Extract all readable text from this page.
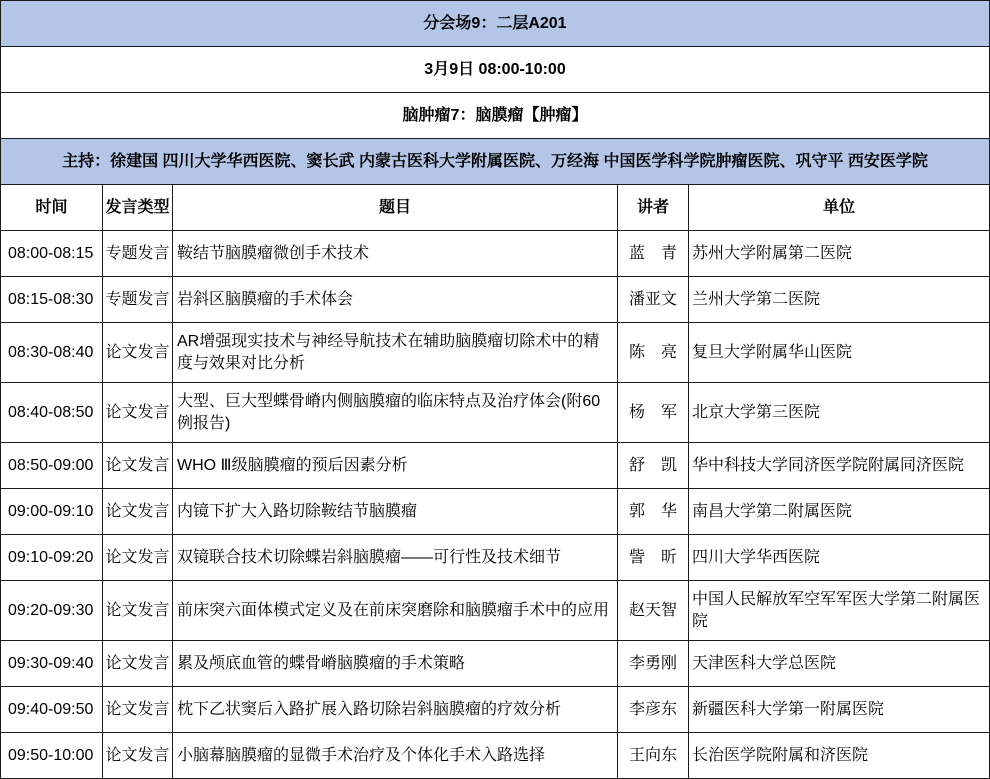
分会场9：二层A201				
3月9日 08:00-10:00				
脑肿瘤7：脑膜瘤【肿瘤】				
主持：徐建国 四川大学华西医院、窦长武 内蒙古医科大学附属医院、万经海 中国医学科学院肿瘤医院、巩守平 西安医学院				
时间	发言类型	题目	讲者	单位
08:00-08:15	专题发言	鞍结节脑膜瘤微创手术技术	蓝　青	苏州大学附属第二医院
08:15-08:30	专题发言	岩斜区脑膜瘤的手术体会	潘亚文	兰州大学第二医院
08:30-08:40	论文发言	AR增强现实技术与神经导航技术在辅助脑膜瘤切除术中的精度与效果对比分析	陈　亮	复旦大学附属华山医院
08:40-08:50	论文发言	大型、巨大型蝶骨嵴内侧脑膜瘤的临床特点及治疗体会(附60例报告)	杨　军	北京大学第三医院
08:50-09:00	论文发言	WHO Ⅲ级脑膜瘤的预后因素分析	舒　凯	华中科技大学同济医学院附属同济医院
09:00-09:10	论文发言	内镜下扩大入路切除鞍结节脑膜瘤	郭　华	南昌大学第二附属医院
09:10-09:20	论文发言	双镜联合技术切除蝶岩斜脑膜瘤——可行性及技术细节	訾　昕	四川大学华西医院
09:20-09:30	论文发言	前床突六面体模式定义及在前床突磨除和脑膜瘤手术中的应用	赵天智	中国人民解放军空军军医大学第二附属医院
09:30-09:40	论文发言	累及颅底血管的蝶骨嵴脑膜瘤的手术策略	李勇刚	天津医科大学总医院
09:40-09:50	论文发言	枕下乙状窦后入路扩展入路切除岩斜脑膜瘤的疗效分析	李彦东	新疆医科大学第一附属医院
09:50-10:00	论文发言	小脑幕脑膜瘤的显微手术治疗及个体化手术入路选择	王向东	长治医学院附属和济医院
